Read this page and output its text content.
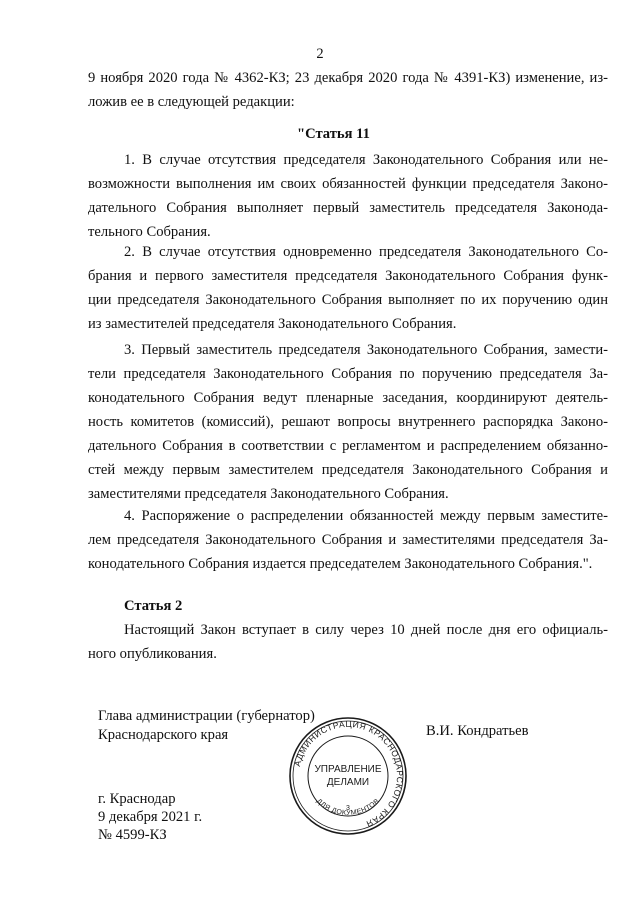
2
9 ноября 2020 года № 4362-КЗ; 23 декабря 2020 года № 4391-КЗ) изменение, из-
ложив ее в следующей редакции:
"Статья 11
1. В случае отсутствия председателя Законодательного Собрания или не-
возможности выполнения им своих обязанностей функции председателя Законо-
дательного Собрания выполняет первый заместитель председателя Законода-
тельного Собрания.
2. В случае отсутствия одновременно председателя Законодательного Со-
брания и первого заместителя председателя Законодательного Собрания функ-
ции председателя Законодательного Собрания выполняет по их поручению один
из заместителей председателя Законодательного Собрания.
3. Первый заместитель председателя Законодательного Собрания, замести-
тели председателя Законодательного Собрания по поручению председателя За-
конодательного Собрания ведут пленарные заседания, координируют деятель-
ность комитетов (комиссий), решают вопросы внутреннего распорядка Законо-
дательного Собрания в соответствии с регламентом и распределением обязанно-
стей между первым заместителем председателя Законодательного Собрания и
заместителями председателя Законодательного Собрания.
4. Распоряжение о распределении обязанностей между первым заместите-
лем председателя Законодательного Собрания и заместителями председателя За-
конодательного Собрания издается председателем Законодательного Собрания.".
Статья 2
Настоящий Закон вступает в силу через 10 дней после дня его официаль-
ного опубликования.
Глава администрации (губернатор)
Краснодарского края	В.И. Кондратьев
АДМИНИСТРАЦИЯ КРАСНОДАРСКОГО КРАЯ
ДЛЯ ДОКУМЕНТОВ
УПРАВЛЕНИЕ
ДЕЛАМИ
3
г. Краснодар
9 декабря 2021 г.
№ 4599-КЗ
